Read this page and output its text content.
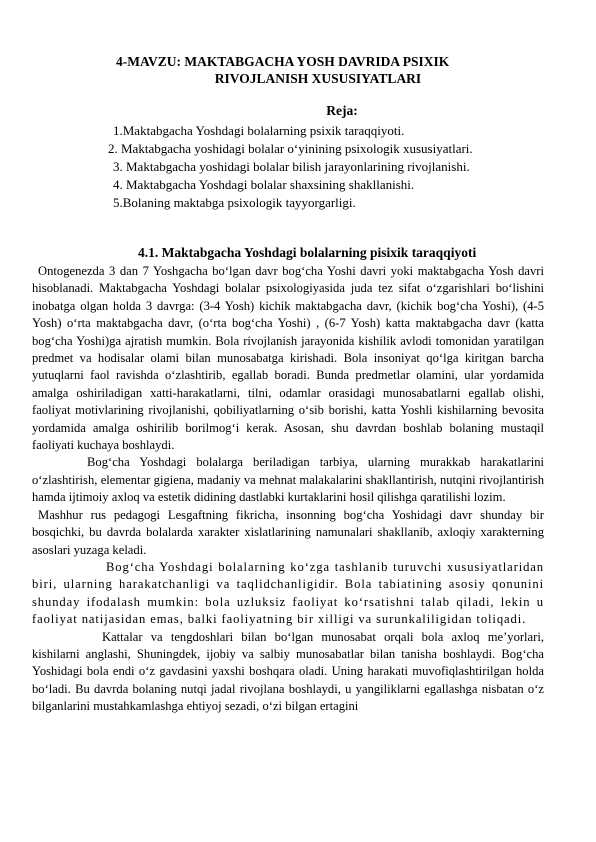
4-MAVZU: MAKTABGACHA YOSH DAVRIDA PSIXIK
RIVOJLANISH XUSUSIYATLARI
Reja:
1.Maktabgacha Yoshdagi bolalarning psixik taraqqiyoti.
2. Maktabgacha yoshidagi bolalar o‘yinining psixologik xususiyatlari.
3. Maktabgacha yoshidagi bolalar bilish jarayonlarining rivojlanishi.
4. Maktabgacha Yoshdagi bolalar shaxsining shakllanishi.
5.Bolaning maktabga psixologik tayyorgarligi.
4.1. Maktabgacha Yoshdagi bolalarning pisixik taraqqiyoti

Ontogenezda 3 dan 7 Yoshgacha bo‘lgan davr bog‘cha Yoshi davri yoki maktabgacha Yosh davri hisoblanadi. Maktabgacha Yoshdagi bolalar psixologiyasida juda tez sifat o‘zgarishlari bo‘lishini inobatga olgan holda 3 davrga: (3-4 Yosh) kichik maktabgacha davr, (kichik bog‘cha Yoshi), (4-5 Yosh) o‘rta maktabgacha davr, (o‘rta bog‘cha Yoshi) , (6-7 Yosh) katta maktabgacha davr (katta bog‘cha Yoshi)ga ajratish mumkin. Bola rivojlanish jarayonida kishilik avlodi tomonidan yaratilgan predmet va hodisalar olami bilan munosabatga kirishadi. Bola insoniyat qo‘lga kiritgan barcha yutuqlarni faol ravishda o‘zlashtirib, egallab boradi. Bunda predmetlar olamini, ular yordamida amalga oshiriladigan xatti-harakatlarni, tilni, odamlar orasidagi munosabatlarni egallab olishi, faoliyat motivlarining rivojlanishi, qobiliyatlarning o‘sib borishi, katta Yoshli kishilarning bevosita yordamida amalga oshirilib borilmog‘i kerak. Asosan, shu davrdan boshlab bolaning mustaqil faoliyati kuchaya boshlaydi.

Bog‘cha Yoshdagi bolalarga beriladigan tarbiya, ularning murakkab harakatlarini o‘zlashtirish, elementar gigiena, madaniy va mehnat malakalarini shakllantirish, nutqini rivojlantirish hamda ijtimoiy axloq va estetik didining dastlabki kurtaklarini hosil qilishga qaratilishi lozim.

Mashhur rus pedagogi Lesgaftning fikricha, insonning bog‘cha Yoshidagi davr shunday bir bosqichki, bu davrda bolalarda xarakter xislatlarining namunalari shakllanib, axloqiy xarakterning asoslari yuzaga keladi.

Bog‘cha Yoshdagi bolalarning ko‘zga tashlanib turuvchi xususiyatlaridan biri, ularning harakatchanligi va taqlidchanligidir. Bola tabiatining asosiy qonunini shunday ifodalash mumkin: bola uzluksiz faoliyat ko‘rsatishni talab qiladi, lekin u faoliyat natijasidan emas, balki faoliyatning bir xilligi va surunkaliligidan toliqadi.

Kattalar va tengdoshlari bilan bo‘lgan munosabat orqali bola axloq me’yorlari, kishilarni anglashi, Shuningdek, ijobiy va salbiy munosabatlar bilan tanisha boshlaydi. Bog‘cha Yoshidagi bola endi o‘z gavdasini yaxshi boshqara oladi. Uning harakati muvofiqlashtirilgan holda bo‘ladi. Bu davrda bolaning nutqi jadal rivojlana boshlaydi, u yangiliklarni egallashga nisbatan o‘z bilganlarini mustahkamlashga ehtiyoj sezadi, o‘zi bilgan ertagini
